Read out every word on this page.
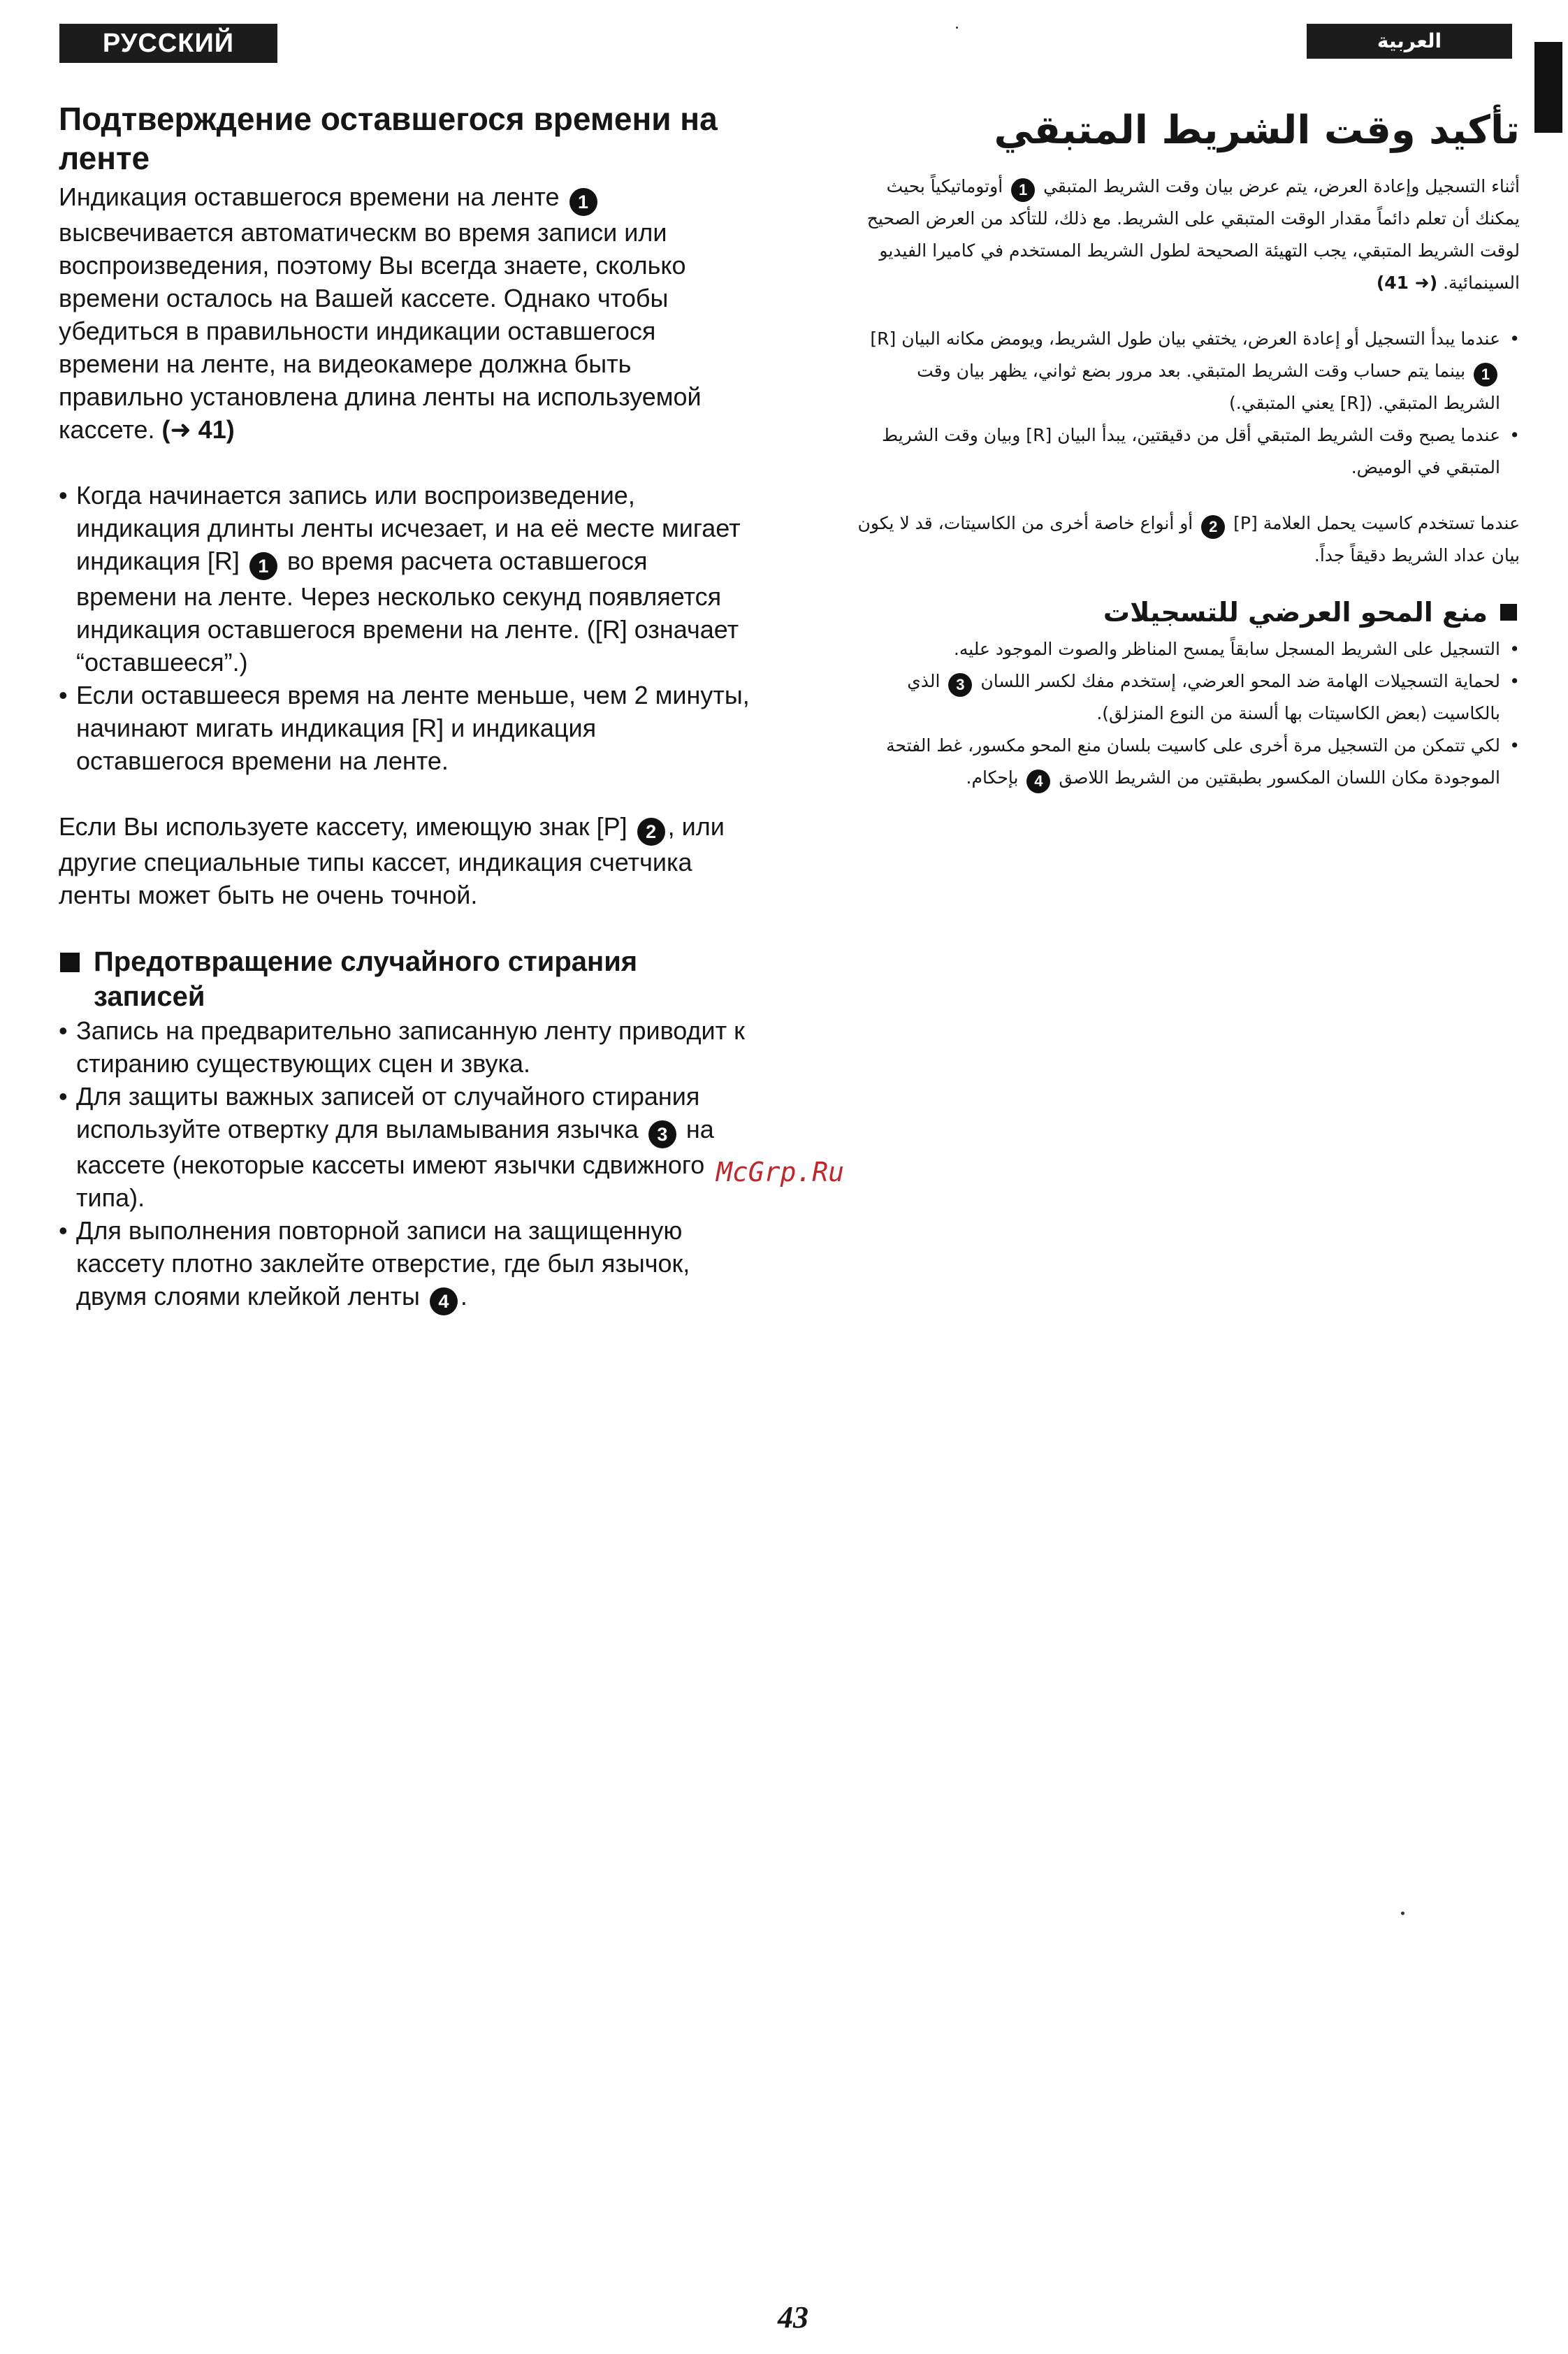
РУССКИЙ ЯЗЫК
العربية
Подтверждение оставшегося времени на ленте

Индикация оставшегося времени на ленте 1 высвечивается автоматическм во время записи или воспроизведения, поэтому Вы всегда знаете, сколько времени осталось на Вашей кассете. Однако чтобы убедиться в правильности индикации оставшегося времени на ленте, на видеокамере должна быть правильно установлена длина ленты на используемой кассете. (➜ 41)

• Когда начинается запись или воспроизведение, индикация длинты ленты исчезает, и на её месте мигает индикация [R] 1 во время расчета оставшегося времени на ленте. Через несколько секунд появляется индикация оставшегося времени на ленте. ([R] означает “оставшееся”.)
• Если оставшееся время на ленте меньше, чем 2 минуты, начинают мигать индикация [R] и индикация оставшегося времени на ленте.

Если Вы используете кассету, имеющую знак [P] 2 , или другие специальные типы кассет, индикация счетчика ленты может быть не очень точной.

Предотвращение случайного стирания записей
• Запись на предварительно записанную ленту приводит к стиранию существующих сцен и звука.
• Для защиты важных записей от случайного стирания используйте отвертку для выламывания язычка 3 на кассете (некоторые кассеты имеют язычки сдвижного типа).
• Для выполнения повторной записи на защищенную кассету плотно заклейте отверстие, где был язычок, двумя слоями клейкой ленты 4 .
تأكيد وقت الشريط المتبقي

أثناء التسجيل وإعادة العرض، يتم عرض بيان وقت الشريط المتبقي 1 أوتوماتيكياً بحيث يمكنك أن تعلم دائماً مقدار الوقت المتبقي على الشريط. مع ذلك، للتأكد من العرض الصحيح لوقت الشريط المتبقي، يجب التهيئة الصحيحة لطول الشريط المستخدم في كاميرا الفيديو السينمائية. (➜ 41)

• عندما يبدأ التسجيل أو إعادة العرض، يختفي بيان طول الشريط، ويومض مكانه البيان [R] 1 بينما يتم حساب وقت الشريط المتبقي. بعد مرور بضع ثواني، يظهر بيان وقت الشريط المتبقي. ([R] يعني المتبقي.)
• عندما يصبح وقت الشريط المتبقي أقل من دقيقتين، يبدأ البيان [R] وبيان وقت الشريط المتبقي في الوميض.

عندما تستخدم كاسيت يحمل العلامة [P] 2 أو أنواع خاصة أخرى من الكاسيتات، قد لا يكون بيان عداد الشريط دقيقاً جداً.

منع المحو العرضي للتسجيلات
• التسجيل على الشريط المسجل سابقاً يمسح المناظر والصوت الموجود عليه.
• لحماية التسجيلات الهامة ضد المحو العرضي، إستخدم مفك لكسر اللسان 3 الذي بالكاسيت (بعض الكاسيتات بها ألسنة من النوع المنزلق).
• لكي تتمكن من التسجيل مرة أخرى على كاسيت بلسان منع المحو مكسور، غط الفتحة الموجودة مكان اللسان المكسور بطبقتين من الشريط اللاصق 4 بإحكام.
McGrp.Ru
43
